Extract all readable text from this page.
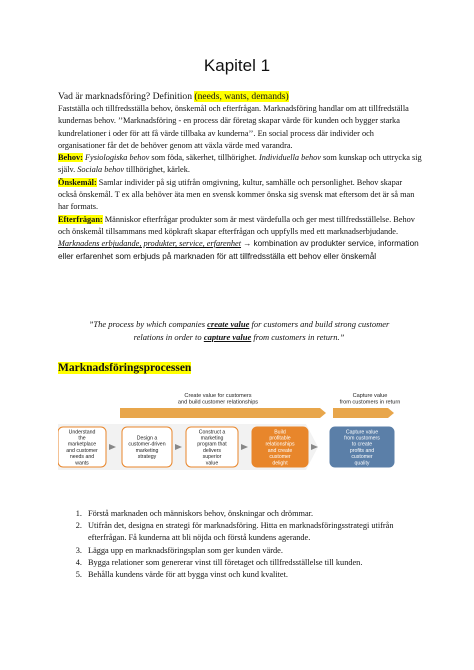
Kapitel 1
Vad är marknadsföring? Definition (needs, wants, demands)
Fastställa och tillfredsställa behov, önskemål och efterfrågan. Marknadsföring handlar om att tillfredställa kundernas behov. ’’Marknadsföring - en process där företag skapar värde för kunden och bygger starka kundrelationer i oder för att få värde tillbaka av kunderna’’. En social process där individer och organisationer får det de behöver genom att växla värde med varandra.
Behov: Fysiologiska behov som föda, säkerhet, tillhörighet. Individuella behov som kunskap och uttrycka sig själv. Sociala behov tillhörighet, kärlek.
Önskemål: Samlar individer på sig utifrån omgivning, kultur, samhälle och personlighet. Behov skapar också önskemål. T ex alla behöver äta men en svensk kommer önska sig svensk mat eftersom det är så man har formats.
Efterfrågan: Människor efterfrågar produkter som är mest värdefulla och ger mest tillfredsställelse. Behov och önskemål tillsammans med köpkraft skapar efterfrågan och uppfylls med ett marknadserbjudande.
Marknadens erbjudande, produkter, service, erfarenhet → kombination av produkter service, information eller erfarenhet som erbjuds på marknaden för att tillfredsställa ett behov eller önskemål
”The process by which companies create value for customers and build strong customer relations in order to capture value from customers in return.”
Marknadsföringsprocessen
Create value for customers and build customer relationships
Capture value from customers in return
Understand the marketplace and customer needs and wants
Design a customer-driven marketing strategy
Construct a marketing program that delivers superior value
Build profitable relationships and create customer delight
Capture value from customers to create profits and customer quality
1. Förstå marknaden och människors behov, önskningar och drömmar.
2. Utifrån det, designa en strategi för marknadsföring. Hitta en marknadsföringsstrategi utifrån efterfrågan. Få kunderna att bli nöjda och förstå kundens agerande.
3. Lägga upp en marknadsföringsplan som ger kunden värde.
4. Bygga relationer som genererar vinst till företaget och tillfredsställelse till kunden.
5. Behålla kundens värde för att bygga vinst och kund kvalitet.
